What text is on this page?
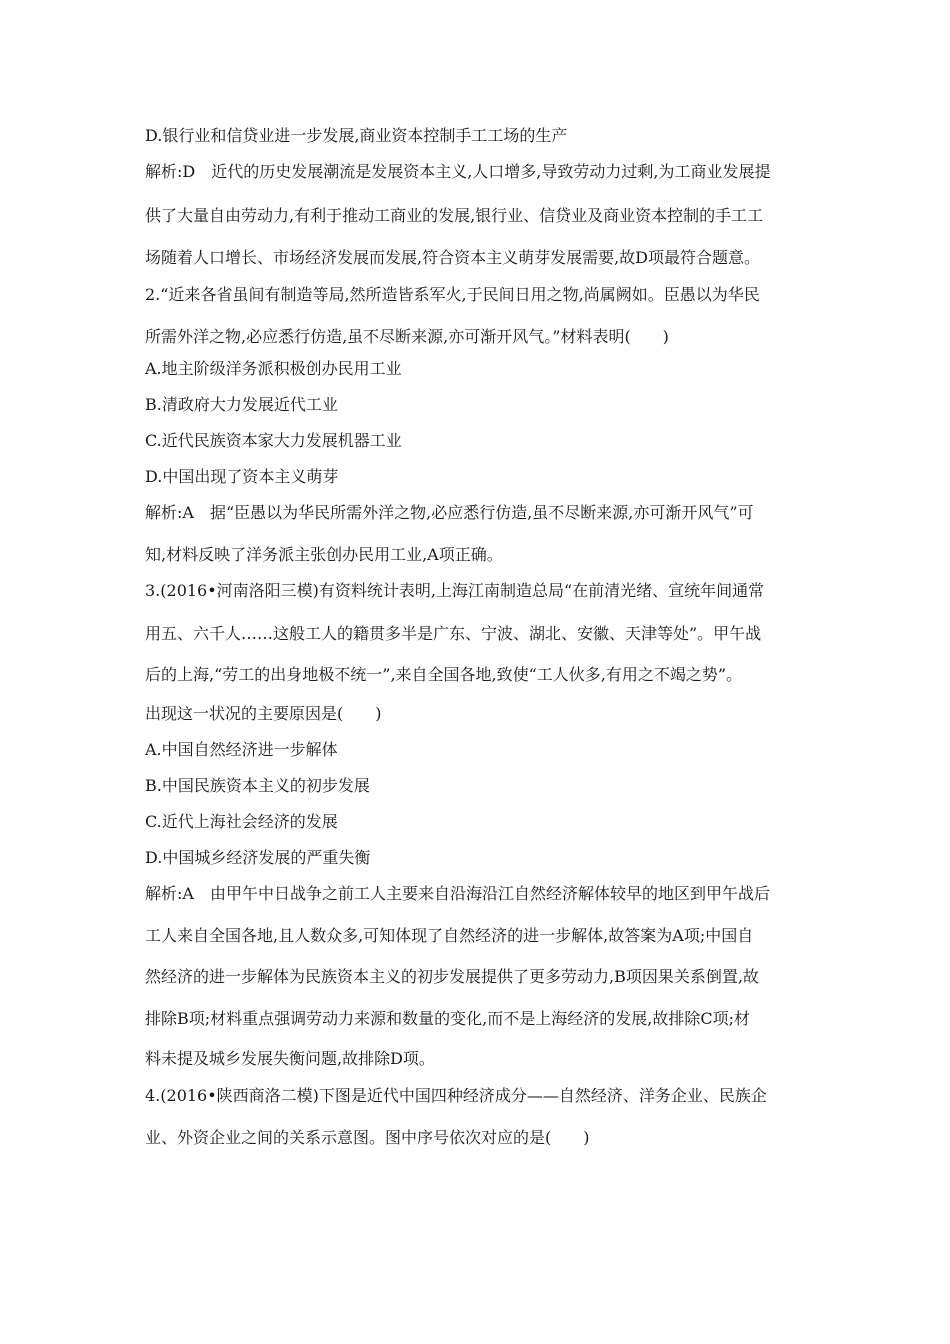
D.银行业和信贷业进一步发展,商业资本控制手工工场的生产
解析:D　近代的历史发展潮流是发展资本主义,人口增多,导致劳动力过剩,为工商业发展提
供了大量自由劳动力,有利于推动工商业的发展,银行业、信贷业及商业资本控制的手工工
场随着人口增长、市场经济发展而发展,符合资本主义萌芽发展需要,故D项最符合题意。
2.“近来各省虽间有制造等局,然所造皆系军火,于民间日用之物,尚属阙如。臣愚以为华民
所需外洋之物,必应悉行仿造,虽不尽断来源,亦可渐开风气。”材料表明(　　)
A.地主阶级洋务派积极创办民用工业
B.清政府大力发展近代工业
C.近代民族资本家大力发展机器工业
D.中国出现了资本主义萌芽
解析:A　据“臣愚以为华民所需外洋之物,必应悉行仿造,虽不尽断来源,亦可渐开风气”可
知,材料反映了洋务派主张创办民用工业,A项正确。
3.(2016•河南洛阳三模)有资料统计表明,上海江南制造总局“在前清光绪、宣统年间通常
用五、六千人……这般工人的籍贯多半是广东、宁波、湖北、安徽、天津等处”。甲午战
后的上海,“劳工的出身地极不统一”,来自全国各地,致使“工人伙多,有用之不竭之势”。
出现这一状况的主要原因是(　　)
A.中国自然经济进一步解体
B.中国民族资本主义的初步发展
C.近代上海社会经济的发展
D.中国城乡经济发展的严重失衡
解析:A　由甲午中日战争之前工人主要来自沿海沿江自然经济解体较早的地区到甲午战后
工人来自全国各地,且人数众多,可知体现了自然经济的进一步解体,故答案为A项;中国自
然经济的进一步解体为民族资本主义的初步发展提供了更多劳动力,B项因果关系倒置,故
排除B项;材料重点强调劳动力来源和数量的变化,而不是上海经济的发展,故排除C项;材
料未提及城乡发展失衡问题,故排除D项。
4.(2016•陕西商洛二模)下图是近代中国四种经济成分——自然经济、洋务企业、民族企
业、外资企业之间的关系示意图。图中序号依次对应的是(　　)
